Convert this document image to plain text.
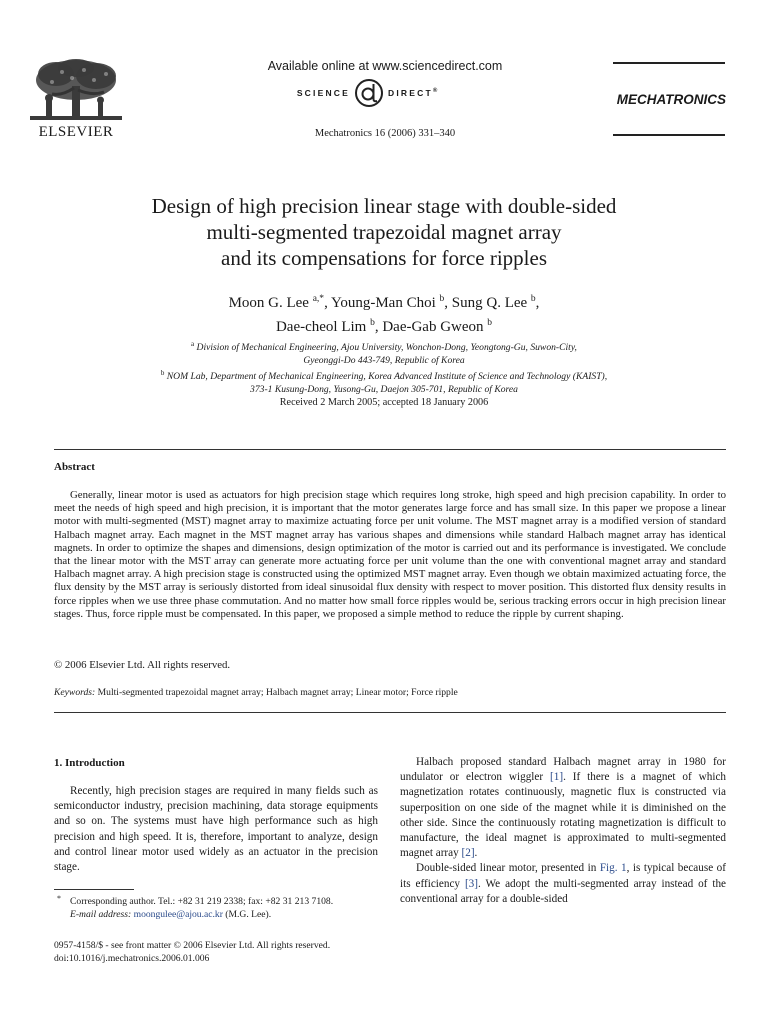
ELSEVIER
Available online at www.sciencedirect.com
SCIENCE	DIRECT®
Mechatronics 16 (2006) 331–340
MECHATRONICS
Design of high precision linear stage with double-sided
multi-segmented trapezoidal magnet array
and its compensations for force ripples
Moon G. Lee $^{a,*}$, Young-Man Choi $^b$, Sung Q. Lee $^b$,
Dae-cheol Lim $^b$, Dae-Gab Gweon $^b$
$^a$ Division of Mechanical Engineering, Ajou University, Wonchon-Dong, Yeongtong-Gu, Suwon-City,
Gyeonggi-Do 443-749, Republic of Korea
$^b$ NOM Lab, Department of Mechanical Engineering, Korea Advanced Institute of Science and Technology (KAIST),
373-1 Kusung-Dong, Yusong-Gu, Daejon 305-701, Republic of Korea
Received 2 March 2005; accepted 18 January 2006
Abstract

Generally, linear motor is used as actuators for high precision stage which requires long stroke, high speed and high precision capability. In order to meet the needs of high speed and high precision, it is important that the motor generates large force and has small size. In this paper we propose a linear motor with multi-segmented (MST) magnet array to maximize actuating force per unit volume. The MST magnet array is a modified version of standard Halbach magnet array. Each magnet in the MST magnet array has various shapes and dimensions while standard Halbach magnet array has identical magnets. In order to optimize the shapes and dimensions, design optimization of the motor is carried out and its performance is investigated. We conclude that the linear motor with the MST array can generate more actuating force per unit volume than the one with conventional magnet array and standard Halbach magnet array. A high precision stage is constructed using the optimized MST magnet array. Even though we obtain maximized actuating force, the flux density by the MST array is seriously distorted from ideal sinusoidal flux density with respect to mover position. This distorted flux density results in force ripples when we use three phase commutation. And no matter how small force ripples would be, serious tracking errors occur in high precision linear stages. Thus, force ripple must be compensated. In this paper, we proposed a simple method to reduce the ripple by current shaping.

© 2006 Elsevier Ltd. All rights reserved.
Keywords: Multi-segmented trapezoidal magnet array; Halbach magnet array; Linear motor; Force ripple
1. Introduction

Recently, high precision stages are required in many fields such as semiconductor industry, precision machining, data storage equipments and so on. The systems must have high performance such as high precision and high speed. It is, therefore, important to analyze, design and control linear motor used widely as an actuator in the precision stage.

* Corresponding author. Tel.: +82 31 219 2338; fax: +82 31 213 7108.
E-mail address: moongulee@ajou.ac.kr (M.G. Lee).
0957-4158/$ - see front matter © 2006 Elsevier Ltd. All rights reserved.
doi:10.1016/j.mechatronics.2006.01.006

Halbach proposed standard Halbach magnet array in 1980 for undulator or electron wiggler [1]. If there is a magnet of which magnetization rotates continuously, magnetic flux is constructed via superposition on one side of the magnet while it is diminished on the other side. Since the continuously rotating magnetization is difficult to manufacture, the ideal magnet is approximated to multi-segmented magnet array [2].

Double-sided linear motor, presented in Fig. 1, is typical because of its efficiency [3]. We adopt the multi-segmented array instead of the conventional array for a double-sided
